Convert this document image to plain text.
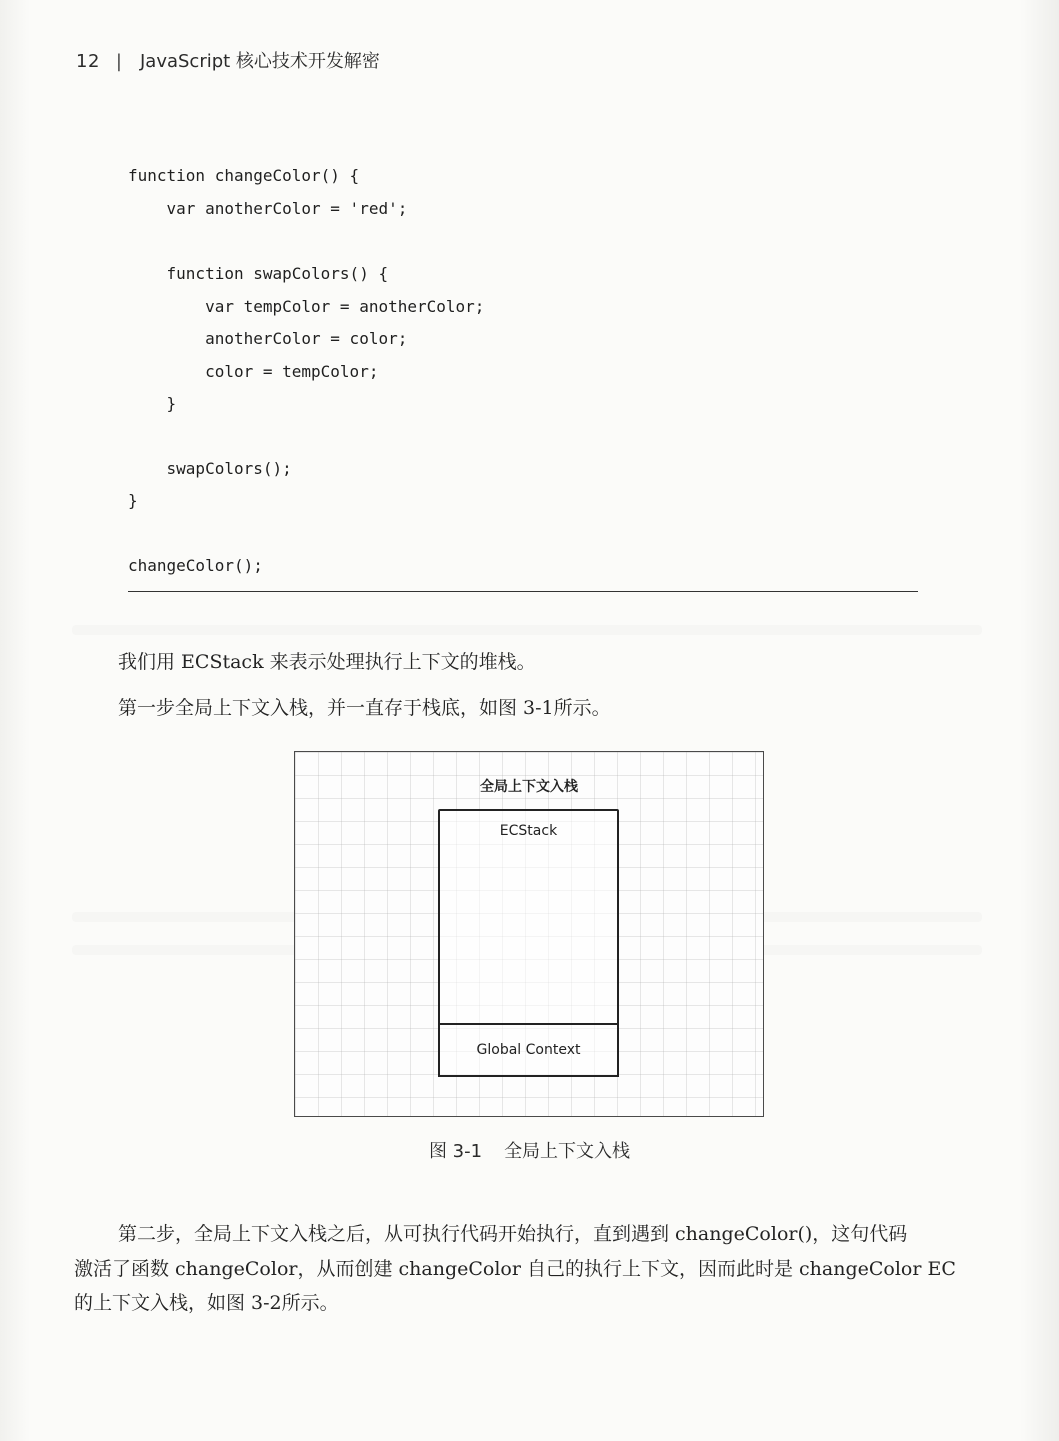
12 | JavaScript 核心技术开发解密
function changeColor() {
var anotherColor = 'red';
function swapColors() {
var tempColor = anotherColor;
anotherColor = color;
color = tempColor;
}
swapColors();
}
changeColor();
我们用 ECStack 来表示处理执行上下文的堆栈。
第一步全局上下文入栈，并一直存于栈底，如图 3-1所示。
全局上下文入栈
ECStack
Global Context
图 3-1 全局上下文入栈
第二步，全局上下文入栈之后，从可执行代码开始执行，直到遇到 changeColor()，这句代码
激活了函数 changeColor，从而创建 changeColor 自己的执行上下文，因而此时是 changeColor EC
的上下文入栈，如图 3-2所示。
